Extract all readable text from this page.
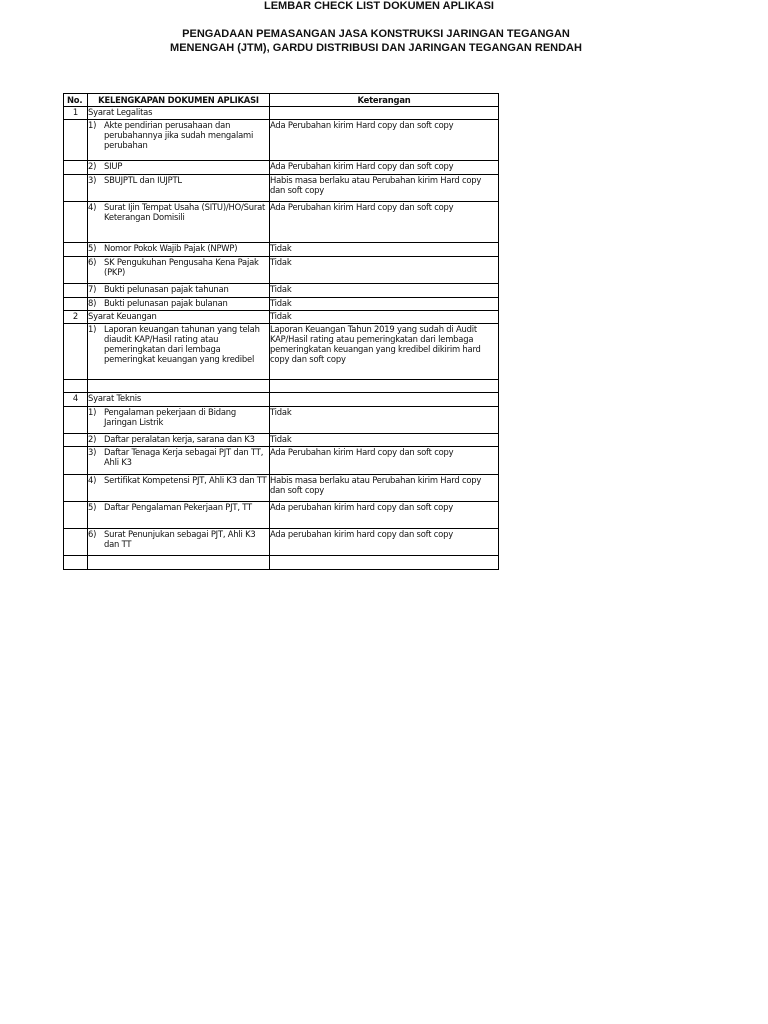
LEMBAR CHECK LIST DOKUMEN APLIKASI
PENGADAAN PEMASANGAN JASA KONSTRUKSI JARINGAN TEGANGAN
MENENGAH (JTM), GARDU DISTRIBUSI DAN JARINGAN TEGANGAN RENDAH
No.	KELENGKAPAN DOKUMEN APLIKASI	Keterangan
1	Syarat Legalitas	

	1) Akte pendirian perusahaan dan perubahannya jika sudah mengalami perubahan	Ada Perubahan kirim Hard copy dan soft copy

	2) SIUP	Ada Perubahan kirim Hard copy dan soft copy

	3) SBUJPTL dan IUJPTL	Habis masa berlaku atau Perubahan kirim Hard copy dan soft copy

	4) Surat Ijin Tempat Usaha (SITU)/HO/Surat Keterangan Domisili	Ada Perubahan kirim Hard copy dan soft copy

	5) Nomor Pokok Wajib Pajak (NPWP)	Tidak

	6) SK Pengukuhan Pengusaha Kena Pajak (PKP)	Tidak

	7) Bukti pelunasan pajak tahunan	Tidak

	8) Bukti pelunasan pajak bulanan	Tidak
2	Syarat Keuangan	Tidak

	1) Laporan keuangan tahunan yang telah diaudit KAP/Hasil rating atau pemeringkatan dari lembaga pemeringkat keuangan yang kredibel	Laporan Keuangan Tahun 2019 yang sudah di Audit KAP/Hasil rating atau pemeringkatan dari lembaga pemeringkatan keuangan yang kredibel dikirim hard copy dan soft copy

4	Syarat Teknis	

	1) Pengalaman pekerjaan di Bidang Jaringan Listrik	Tidak

	2) Daftar peralatan kerja, sarana dan K3	Tidak

	3) Daftar Tenaga Kerja sebagai PJT dan TT, Ahli K3	Ada Perubahan kirim Hard copy dan soft copy

	4) Sertifikat Kompetensi PJT, Ahli K3 dan TT	Habis masa berlaku atau Perubahan kirim Hard copy dan soft copy

	5) Daftar Pengalaman Pekerjaan PJT, TT	Ada perubahan kirim hard copy dan soft copy

	6) Surat Penunjukan sebagai PJT, Ahli K3 dan TT	Ada perubahan kirim hard copy dan soft copy
